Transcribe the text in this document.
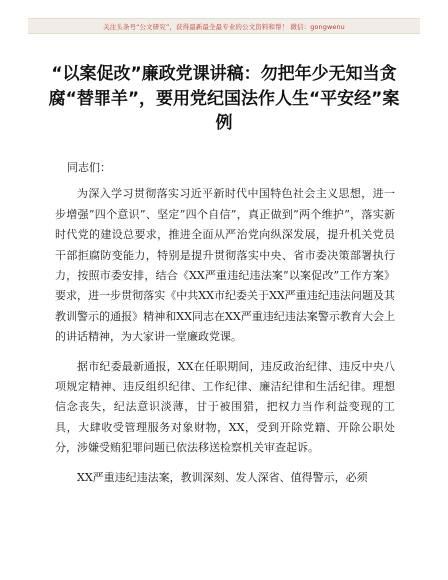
关注头条号“公文研究”，获得最新最全最专业的公文资料和帮！ 微信：gongwenu
“以案促改”廉政党课讲稿：勿把年少无知当贪腐“替罪羊”，要用党纪国法作人生“平安经”案例

同志们：

为深入学习贯彻落实习近平新时代中国特色社会主义思想，进一步增强”四个意识”、坚定”四个自信”，真正做到”两个维护”，落实新时代党的建设总要求，推进全面从严治党向纵深发展，提升机关党员干部拒腐防变能力，特别是提升贯彻落实中央、省市委决策部署执行力，按照市委安排，结合《XX严重违纪违法案”以案促改”工作方案》要求，进一步贯彻落实《中共XX市纪委关于XX严重违纪违法问题及其教训警示的通报》精神和XX同志在XX严重违纪违法案警示教育大会上的讲话精神，为大家讲一堂廉政党课。

据市纪委最新通报，XX在任职期间，违反政治纪律、违反中央八项规定精神、违反组织纪律、工作纪律、廉洁纪律和生活纪律。理想信念丧失，纪法意识淡薄，甘于被围猎，把权力当作利益变现的工具，大肆收受管理服务对象财物，XX，受到开除党籍、开除公职处分，涉嫌受贿犯罪问题已依法移送检察机关审查起诉。

XX严重违纪违法案，教训深刻、发人深省、值得警示，必须
